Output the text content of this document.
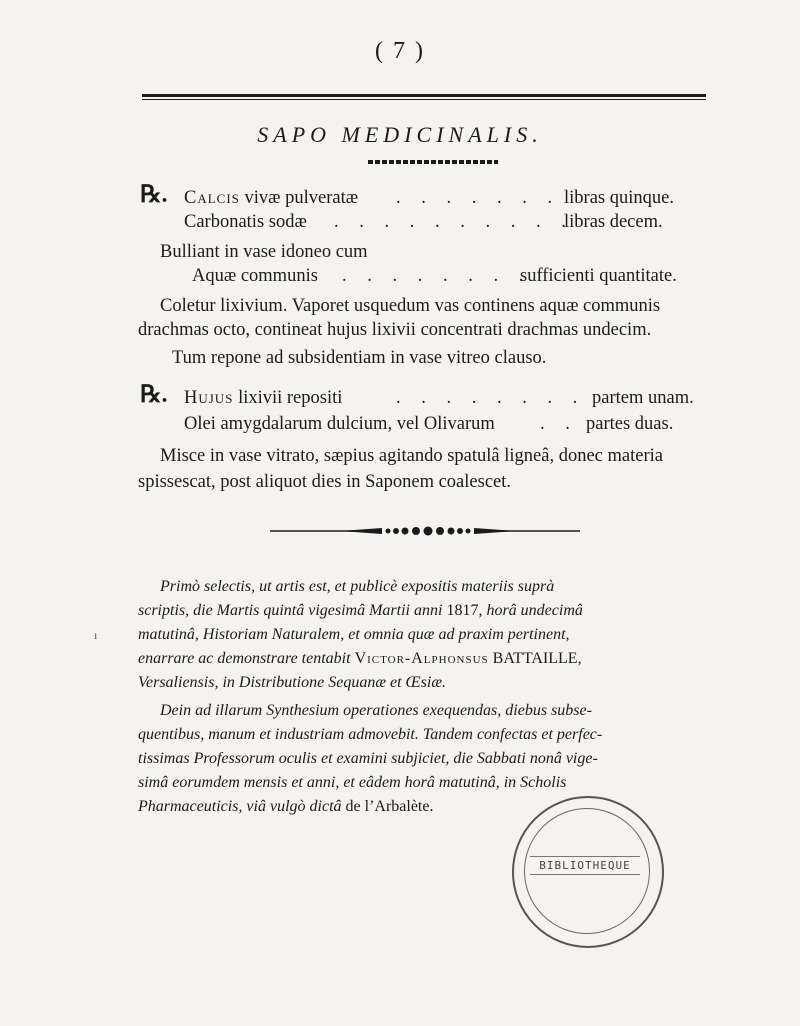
( 7 )
SAPO MEDICINALIS.
℞. Calcis vivæ pulveratæ . . . . . . . libras quinque.
Carbonatis sodæ . . . . . . . . . .
libras decem.
Bulliant in vase idoneo cum
Aquæ communis . . . . . . . .
sufficienti quantitate.
Coletur lixivium. Vaporet usquedum vas continens aquæ communis
drachmas octo, contineat hujus lixivii concentrati drachmas undecim.
Tum repone ad subsidentiam in vase vitreo clauso.
℞. Hujus lixivii repositi	. . . . . . . . partem unam.
Olei amygdalarum dulcium, vel Olivarum . . partes duas.
Misce in vase vitrato, sæpius agitando spatulâ ligneâ, donec materia
spissescat, post aliquot dies in Saponem coalescet.
ı
Primò selectis, ut artis est, et publicè expositis materiis suprà
scriptis, die Martis quintâ vigesimâ Martii anni 1817, horâ undecimâ
matutinâ, Historiam Naturalem, et omnia quæ ad praxim pertinent,
enarrare ac demonstrare tentabit Victor-Alphonsus BATTAILLE,
Versaliensis, in Distributione Sequanæ et Œsiæ.
Dein ad illarum Synthesium operationes exequendas, diebus subse-
quentibus, manum et industriam admovebit. Tandem confectas et perfec-
tissimas Professorum oculis et examini subjiciet, die Sabbati nonâ vige-
simâ eorumdem mensis et anni, et eâdem horâ matutinâ, in Scholis
Pharmaceuticis, viâ vulgò dictâ de l’Arbalète.
BIBLIOTHEQUE
